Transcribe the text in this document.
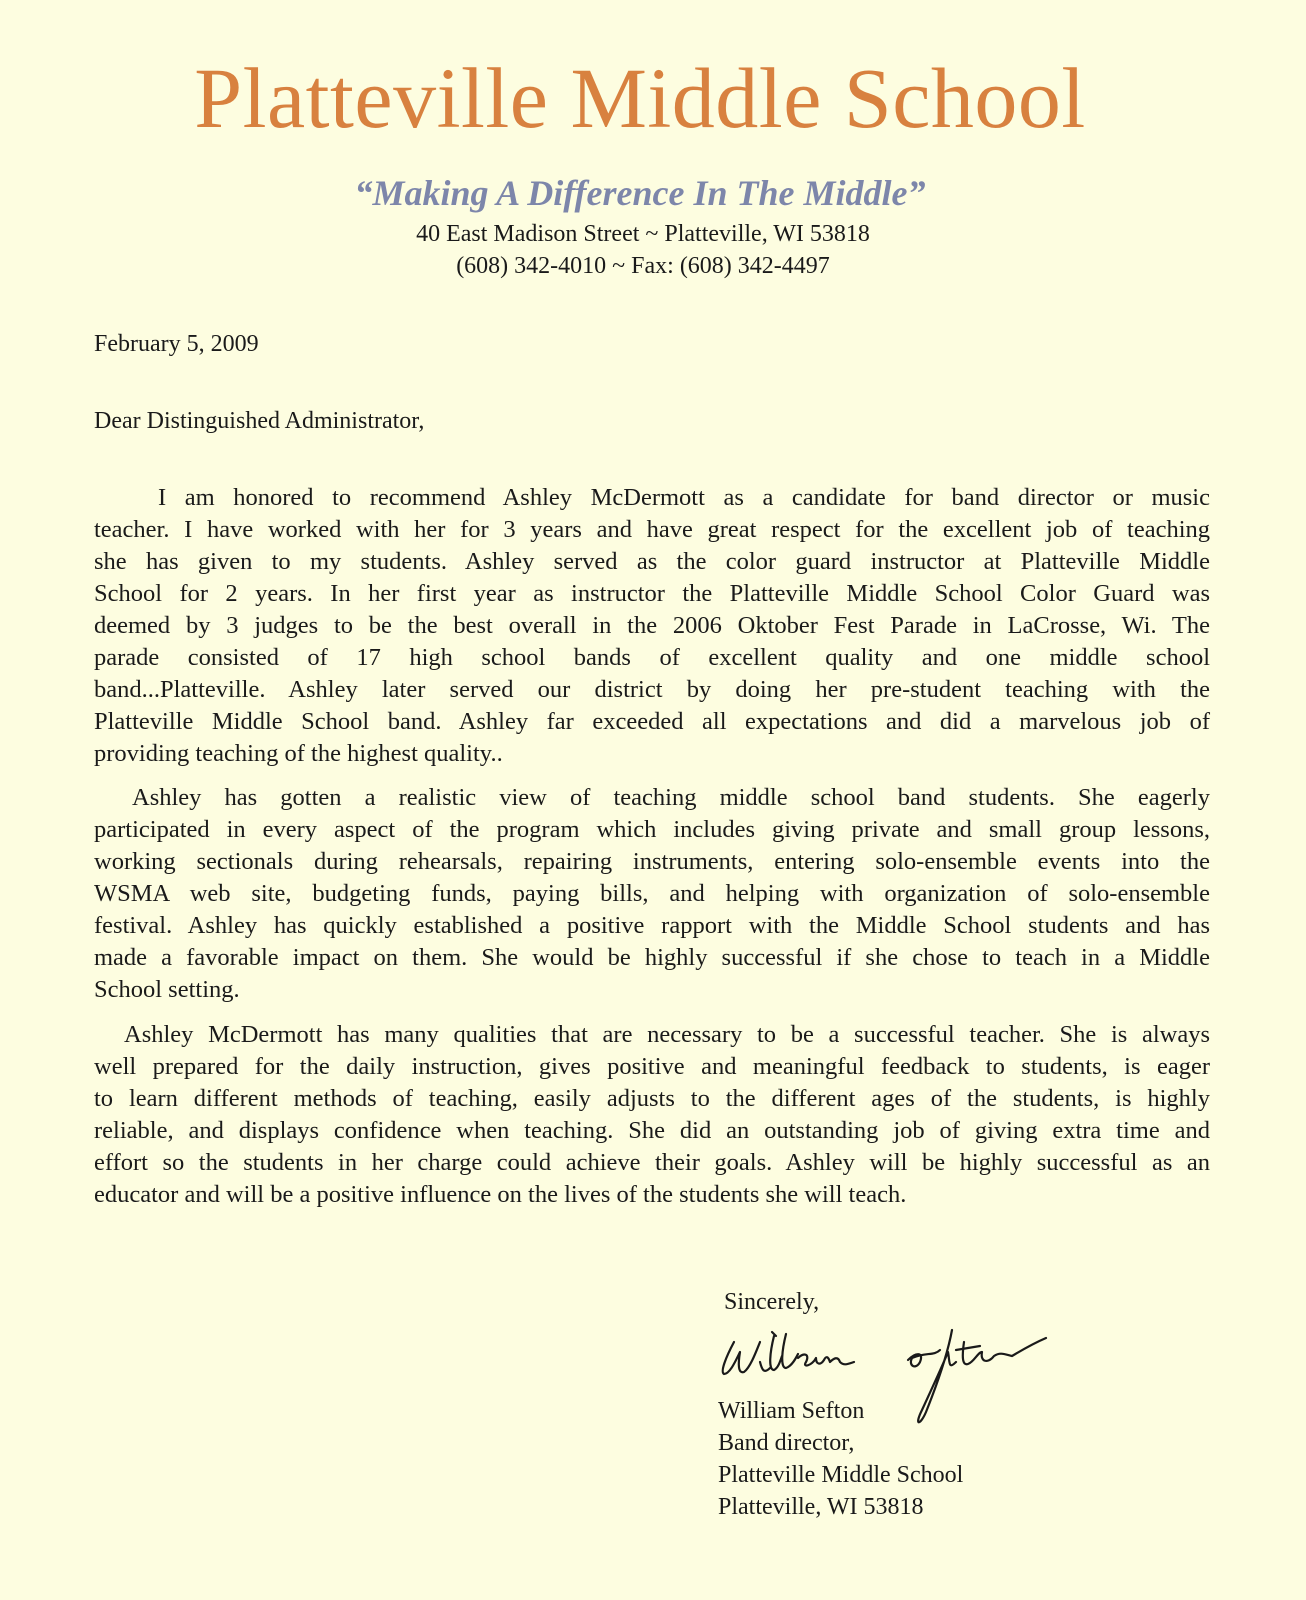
Platteville Middle School
“Making A Difference In The Middle”
40 East Madison Street ~ Platteville, WI 53818
(608) 342-4010 ~ Fax: (608) 342-4497
February 5, 2009
Dear Distinguished Administrator,
I am honored to recommend Ashley McDermott as a candidate for band director or music
teacher. I have worked with her for 3 years and have great respect for the excellent job of teaching
she has given to my students. Ashley served as the color guard instructor at Platteville Middle
School for 2 years. In her first year as instructor the Platteville Middle School Color Guard was
deemed by 3 judges to be the best overall in the 2006 Oktober Fest Parade in LaCrosse, Wi. The
parade consisted of 17 high school bands of excellent quality and one middle school
band...Platteville. Ashley later served our district by doing her pre-student teaching with the
Platteville Middle School band. Ashley far exceeded all expectations and did a marvelous job of
providing teaching of the highest quality..
Ashley has gotten a realistic view of teaching middle school band students. She eagerly
participated in every aspect of the program which includes giving private and small group lessons,
working sectionals during rehearsals, repairing instruments, entering solo-ensemble events into the
WSMA web site, budgeting funds, paying bills, and helping with organization of solo-ensemble
festival. Ashley has quickly established a positive rapport with the Middle School students and has
made a favorable impact on them. She would be highly successful if she chose to teach in a Middle
School setting.
Ashley McDermott has many qualities that are necessary to be a successful teacher. She is always
well prepared for the daily instruction, gives positive and meaningful feedback to students, is eager
to learn different methods of teaching, easily adjusts to the different ages of the students, is highly
reliable, and displays confidence when teaching. She did an outstanding job of giving extra time and
effort so the students in her charge could achieve their goals. Ashley will be highly successful as an
educator and will be a positive influence on the lives of the students she will teach.
Sincerely,
William Sefton
Band director,
Platteville Middle School
Platteville, WI 53818
